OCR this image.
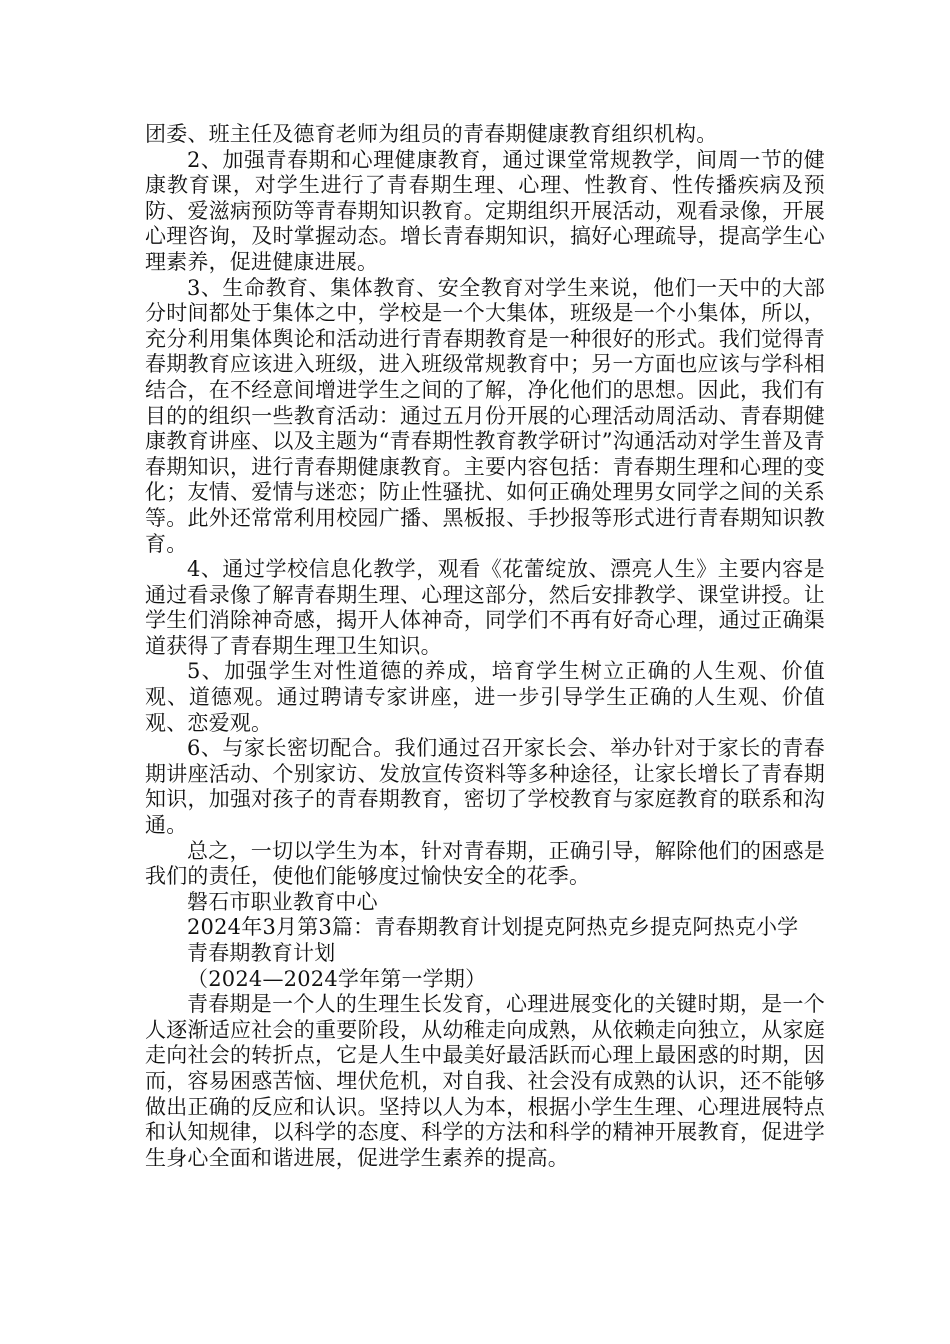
团委、班主任及德育老师为组员的青春期健康教育组织机构。

2、加强青春期和心理健康教育，通过课堂常规教学，间周一节的健康教育课，对学生进行了青春期生理、心理、性教育、性传播疾病及预防、爱滋病预防等青春期知识教育。定期组织开展活动，观看录像，开展心理咨询，及时掌握动态。增长青春期知识，搞好心理疏导，提高学生心理素养，促进健康进展。

3、生命教育、集体教育、安全教育对学生来说，他们一天中的大部分时间都处于集体之中，学校是一个大集体，班级是一个小集体，所以，充分利用集体舆论和活动进行青春期教育是一种很好的形式。我们觉得青春期教育应该进入班级，进入班级常规教育中；另一方面也应该与学科相结合，在不经意间增进学生之间的了解，净化他们的思想。因此，我们有目的的组织一些教育活动：通过五月份开展的心理活动周活动、青春期健康教育讲座、以及主题为“青春期性教育教学研讨”沟通活动对学生普及青春期知识，进行青春期健康教育。主要内容包括：青春期生理和心理的变化；友情、爱情与迷恋；防止性骚扰、如何正确处理男女同学之间的关系等。此外还常常利用校园广播、黑板报、手抄报等形式进行青春期知识教育。

4、通过学校信息化教学，观看《花蕾绽放、漂亮人生》主要内容是通过看录像了解青春期生理、心理这部分，然后安排教学、课堂讲授。让学生们消除神奇感，揭开人体神奇，同学们不再有好奇心理，通过正确渠道获得了青春期生理卫生知识。

5、加强学生对性道德的养成，培育学生树立正确的人生观、价值观、道德观。通过聘请专家讲座，进一步引导学生正确的人生观、价值观、恋爱观。

6、与家长密切配合。我们通过召开家长会、举办针对于家长的青春期讲座活动、个别家访、发放宣传资料等多种途径，让家长增长了青春期知识，加强对孩子的青春期教育，密切了学校教育与家庭教育的联系和沟通。

总之，一切以学生为本，针对青春期，正确引导，解除他们的困惑是我们的责任，使他们能够度过愉快安全的花季。

磐石市职业教育中心

2024年3月第3篇：青春期教育计划提克阿热克乡提克阿热克小学

青春期教育计划

（2024—2024学年第一学期）

青春期是一个人的生理生长发育，心理进展变化的关键时期，是一个人逐渐适应社会的重要阶段，从幼稚走向成熟，从依赖走向独立，从家庭走向社会的转折点，它是人生中最美好最活跃而心理上最困惑的时期，因而，容易困惑苦恼、埋伏危机，对自我、社会没有成熟的认识，还不能够做出正确的反应和认识。坚持以人为本，根据小学生生理、心理进展特点和认知规律，以科学的态度、科学的方法和科学的精神开展教育，促进学生身心全面和谐进展，促进学生素养的提高。
